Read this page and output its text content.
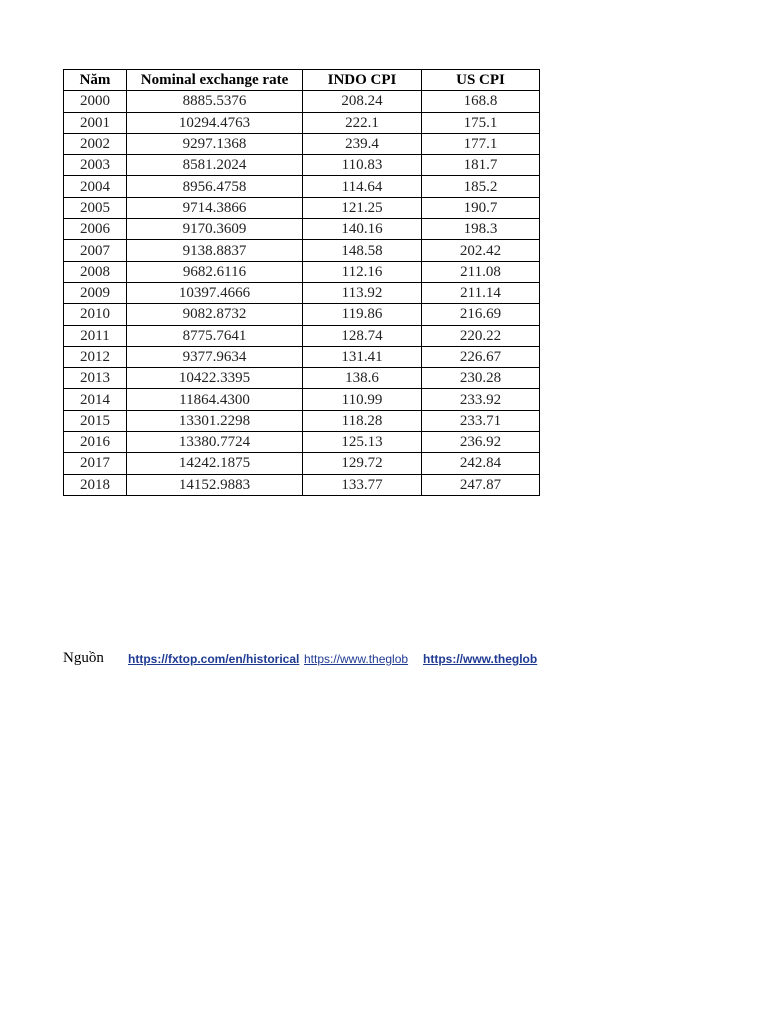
Năm	Nominal exchange rate	INDO CPI	US CPI
2000	8885.5376	208.24	168.8
2001	10294.4763	222.1	175.1
2002	9297.1368	239.4	177.1
2003	8581.2024	110.83	181.7
2004	8956.4758	114.64	185.2
2005	9714.3866	121.25	190.7
2006	9170.3609	140.16	198.3
2007	9138.8837	148.58	202.42
2008	9682.6116	112.16	211.08
2009	10397.4666	113.92	211.14
2010	9082.8732	119.86	216.69
2011	8775.7641	128.74	220.22
2012	9377.9634	131.41	226.67
2013	10422.3395	138.6	230.28
2014	11864.4300	110.99	233.92
2015	13301.2298	118.28	233.71
2016	13380.7724	125.13	236.92
2017	14242.1875	129.72	242.84
2018	14152.9883	133.77	247.87
Nguồn https://fxtop.com/en/historical https://www.theglob	https://www.theglob
